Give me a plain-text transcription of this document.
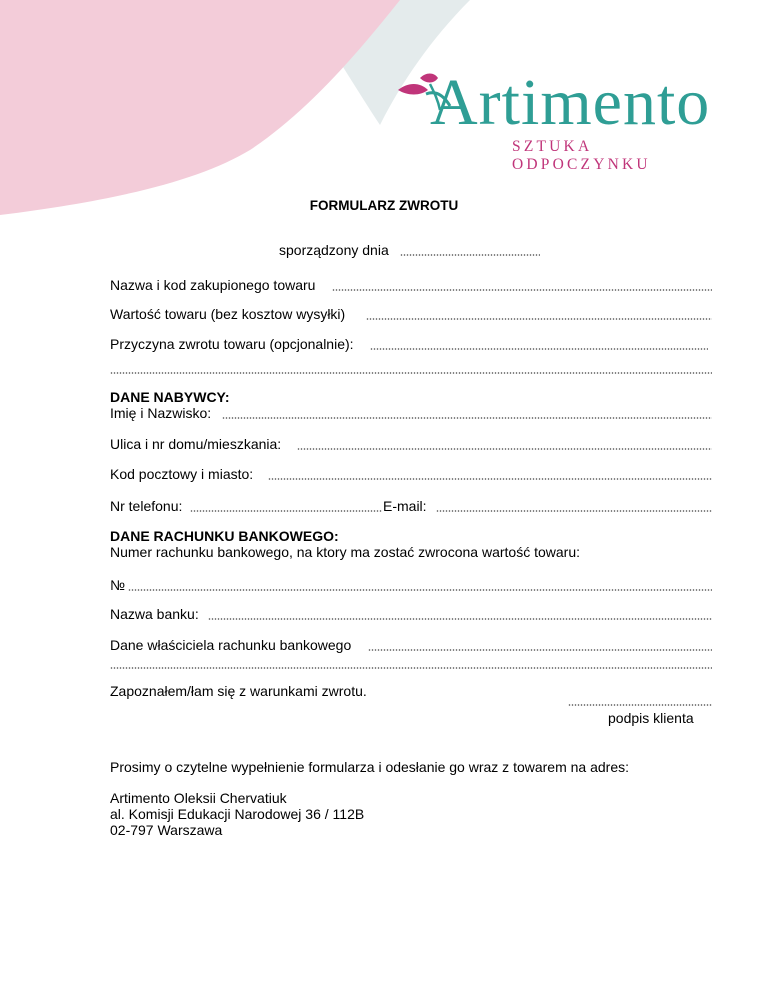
Artimento
SZTUKA ODPOCZYNKU
FORMULARZ ZWROTU
sporządzony dnia
Nazwa i kod zakupionego towaru
Wartość towaru (bez kosztow wysyłki)
Przyczyna zwrotu towaru (opcjonalnie):
DANE NABYWCY:
Imię i Nazwisko:
Ulica i nr domu/mieszkania:
Kod pocztowy i miasto:
Nr telefonu:	E-mail:
DANE RACHUNKU BANKOWEGO:
Numer rachunku bankowego, na ktory ma zostać zwrocona wartość towaru:
№
Nazwa banku:
Dane właściciela rachunku bankowego
Zapoznałem/łam się z warunkami zwrotu.
podpis klienta
Prosimy o czytelne wypełnienie formularza i odesłanie go wraz z towarem na adres:
Artimento Oleksii Chervatiuk
al. Komisji Edukacji Narodowej 36 / 112B
02-797 Warszawa
